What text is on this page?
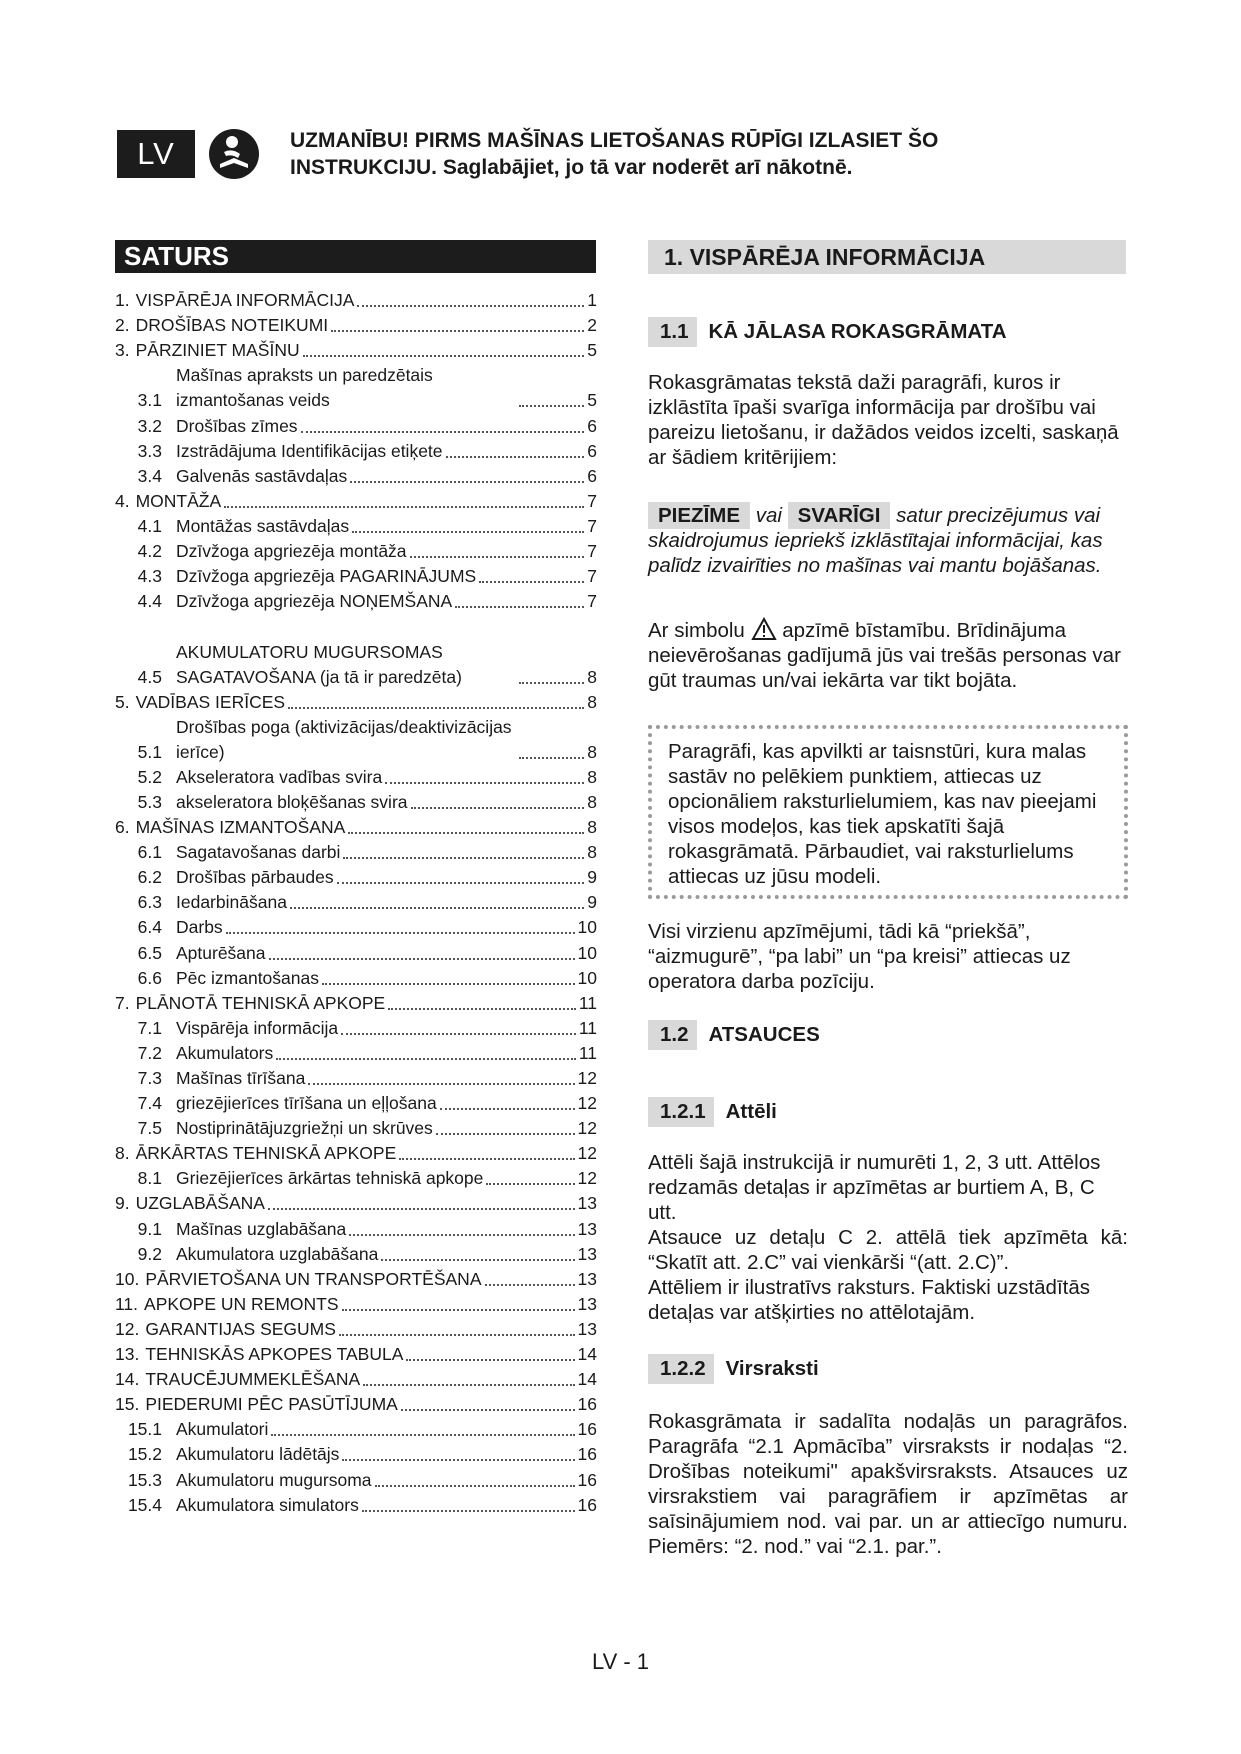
LV	UZMANĪBU! PIRMS MAŠĪNAS LIETOŠANAS RŪPĪGI IZLASIET ŠO
INSTRUKCIJU. Saglabājiet, jo tā var noderēt arī nākotnē.
SATURS
1. VISPĀRĒJA INFORMĀCIJA	1
2. DROŠĪBAS NOTEIKUMI	2
3. PĀRZINIET MAŠĪNU	5
3.1
Mašīnas apraksts un paredzētais izmantošanas veids	5
3.2 Drošības zīmes	6
3.3 Izstrādājuma Identifikācijas etiķete	6
3.4 Galvenās sastāvdaļas	6
4. MONTĀŽA	7
4.1 Montāžas sastāvdaļas	7
4.2 Dzīvžoga apgriezēja montāža	7
4.3 Dzīvžoga apgriezēja PAGARINĀJUMS	7
4.4 Dzīvžoga apgriezēja NOŅEMŠANA	7
4.5
AKUMULATORU MUGURSOMAS SAGATAVOŠANA (ja tā ir paredzēta)	8
5. VADĪBAS IERĪCES	8
5.1
Drošības poga (aktivizācijas/deaktivizācijas ierīce)	8
5.2 Akseleratora vadības svira	8
5.3 akseleratora bloķēšanas svira	8
6. MAŠĪNAS IZMANTOŠANA	8
6.1 Sagatavošanas darbi	8
6.2 Drošības pārbaudes	9
6.3 Iedarbināšana	9
6.4 Darbs	10
6.5 Apturēšana	10
6.6 Pēc izmantošanas	10
7. PLĀNOTĀ TEHNISKĀ APKOPE	11
7.1 Vispārēja informācija	11
7.2 Akumulators	11
7.3 Mašīnas tīrīšana	12
7.4 griezējierīces tīrīšana un eļļošana	12
7.5 Nostiprinātājuzgriežņi un skrūves	12
8. ĀRKĀRTAS TEHNISKĀ APKOPE	12
8.1 Griezējierīces ārkārtas tehniskā apkope	12
9. UZGLABĀŠANA	13
9.1 Mašīnas uzglabāšana	13
9.2 Akumulatora uzglabāšana	13
10. PĀRVIETOŠANA UN TRANSPORTĒŠANA	13
11. APKOPE UN REMONTS	13
12. GARANTIJAS SEGUMS	13
13. TEHNISKĀS APKOPES TABULA	14
14. TRAUCĒJUMMEKLĒŠANA	14
15. PIEDERUMI PĒC PASŪTĪJUMA	16
15.1 Akumulatori	16
15.2 Akumulatoru lādētājs	16
15.3 Akumulatoru mugursoma	16
15.4 Akumulatora simulators	16
1. VISPĀRĒJA INFORMĀCIJA
1.1 KĀ JĀLASA ROKASGRĀMATA
Rokasgrāmatas tekstā daži paragrāfi, kuros ir izklāstīta īpaši svarīga informācija par drošību vai pareizu lietošanu, ir dažādos veidos izcelti, saskaņā ar šādiem kritērijiem:
PIEZĪME vai SVARĪGI satur precizējumus vai skaidrojumus iepriekš izklāstītajai informācijai, kas palīdz izvairīties no mašīnas vai mantu bojāšanas.
Ar simbolu apzīmē bīstamību. Brīdinājuma neievērošanas gadījumā jūs vai trešās personas var gūt traumas un/vai iekārta var tikt bojāta.
Paragrāfi, kas apvilkti ar taisnstūri, kura malas sastāv no pelēkiem punktiem, attiecas uz opcionāliem raksturlielumiem, kas nav pieejami visos modeļos, kas tiek apskatīti šajā rokasgrāmatā. Pārbaudiet, vai raksturlielums attiecas uz jūsu modeli.
Visi virzienu apzīmējumi, tādi kā “priekšā”, “aizmugurē”, “pa labi” un “pa kreisi” attiecas uz operatora darba pozīciju.
1.2 ATSAUCES
1.2.1 Attēli
Attēli šajā instrukcijā ir numurēti 1, 2, 3 utt. Attēlos redzamās detaļas ir apzīmētas ar burtiem A, B, C utt.
Atsauce uz detaļu C 2. attēlā tiek apzīmēta kā: “Skatīt att. 2.C” vai vienkārši “(att. 2.C)”.
Attēliem ir ilustratīvs raksturs. Faktiski uzstādītās detaļas var atšķirties no attēlotajām.
1.2.2 Virsraksti
Rokasgrāmata ir sadalīta nodaļās un paragrāfos. Paragrāfa “2.1 Apmācība” virsraksts ir nodaļas “2. Drošības noteikumi" apakšvirsraksts. Atsauces uz virsrakstiem vai paragrāfiem ir apzīmētas ar saīsinājumiem nod. vai par. un ar attiecīgo numuru. Piemērs: “2. nod.” vai “2.1. par.”.
LV - 1
